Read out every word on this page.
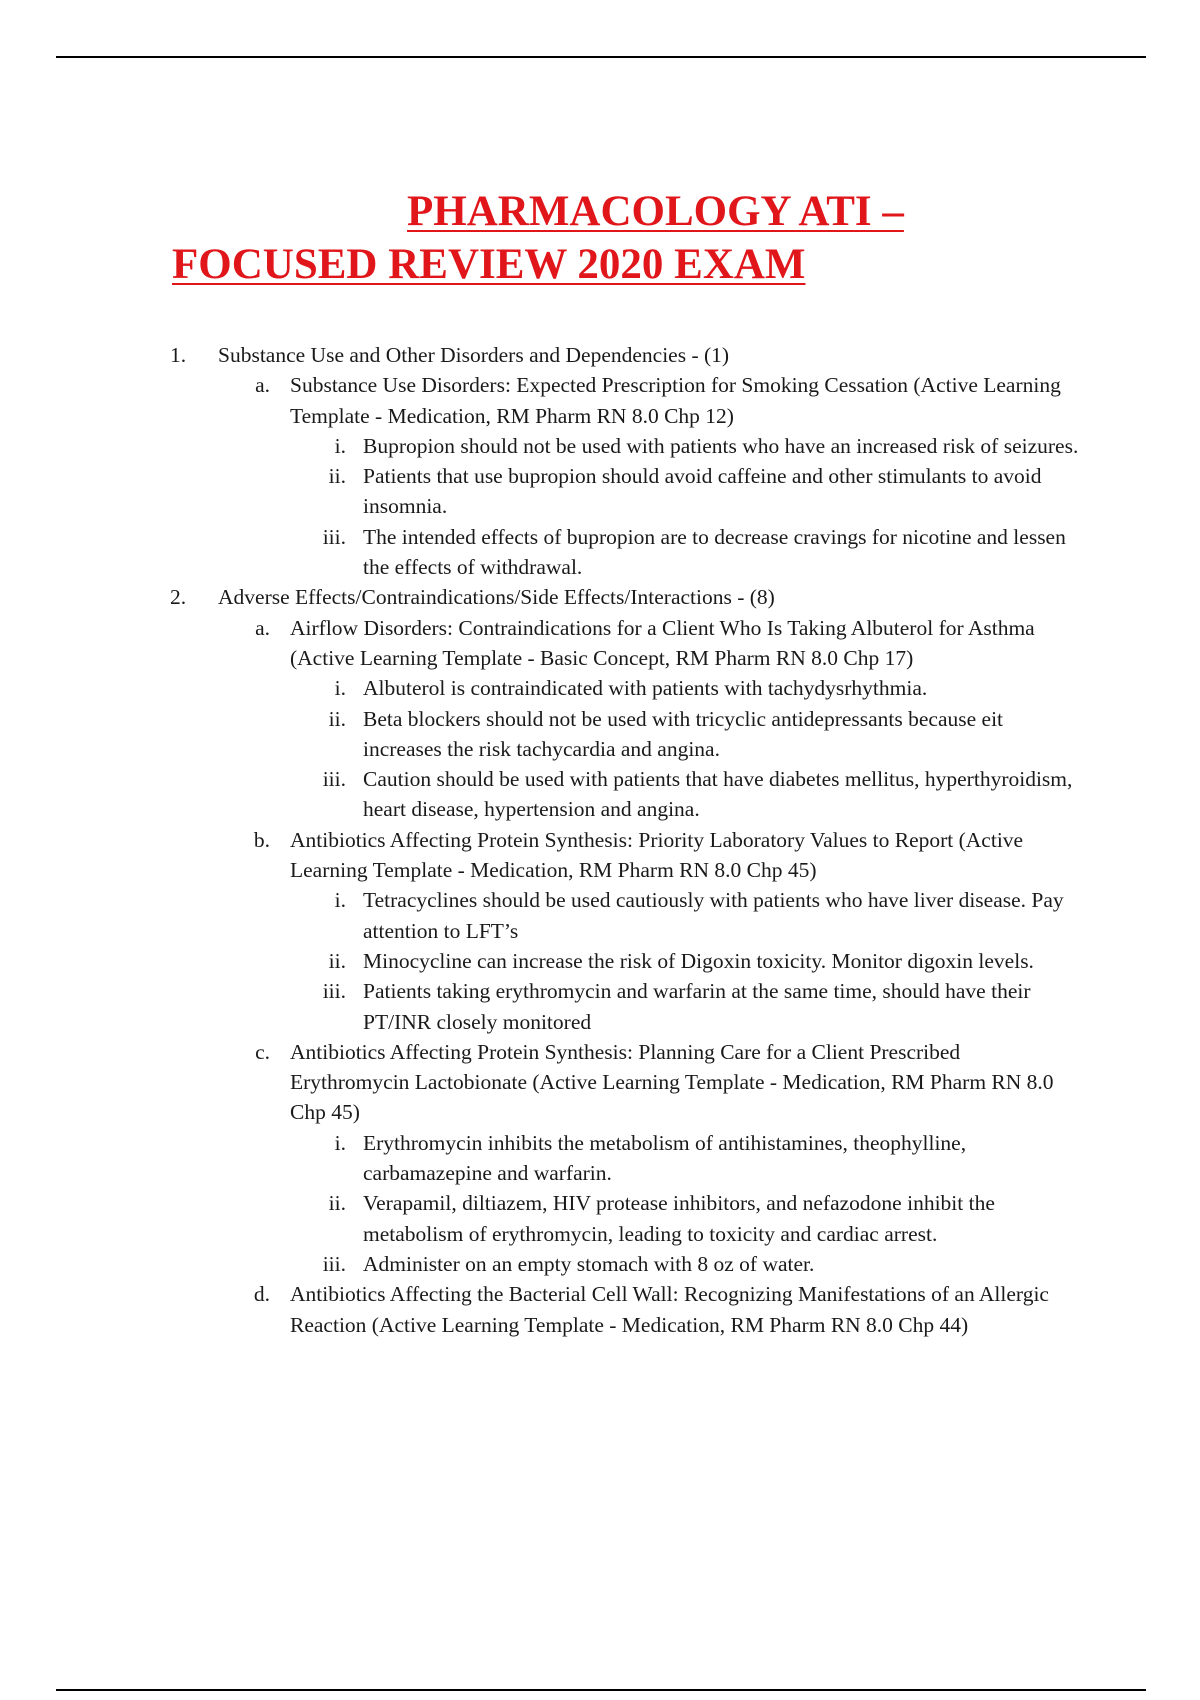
PHARMACOLOGY ATI –
FOCUSED REVIEW 2020 EXAM
1.	Substance Use and Other Disorders and Dependencies - (1)
a. Substance Use Disorders: Expected Prescription for Smoking Cessation (Active Learning Template - Medication, RM Pharm RN 8.0 Chp 12)
i. Bupropion should not be used with patients who have an increased risk of seizures.
ii. Patients that use bupropion should avoid caffeine and other stimulants to avoid insomnia.
iii. The intended effects of bupropion are to decrease cravings for nicotine and lessen the effects of withdrawal.
2.	Adverse Effects/Contraindications/Side Effects/Interactions - (8)
a. Airflow Disorders: Contraindications for a Client Who Is Taking Albuterol for Asthma (Active Learning Template - Basic Concept, RM Pharm RN 8.0 Chp 17)
i. Albuterol is contraindicated with patients with tachydysrhythmia.
ii. Beta blockers should not be used with tricyclic antidepressants because eit increases the risk tachycardia and angina.
iii. Caution should be used with patients that have diabetes mellitus, hyperthyroidism, heart disease, hypertension and angina.
b. Antibiotics Affecting Protein Synthesis: Priority Laboratory Values to Report (Active Learning Template - Medication, RM Pharm RN 8.0 Chp 45)
i. Tetracyclines should be used cautiously with patients who have liver disease. Pay attention to LFT’s
ii. Minocycline can increase the risk of Digoxin toxicity. Monitor digoxin levels.
iii. Patients taking erythromycin and warfarin at the same time, should have their PT/INR closely monitored
c. Antibiotics Affecting Protein Synthesis: Planning Care for a Client Prescribed Erythromycin Lactobionate (Active Learning Template - Medication, RM Pharm RN 8.0 Chp 45)
i. Erythromycin inhibits the metabolism of antihistamines, theophylline, carbamazepine and warfarin.
ii. Verapamil, diltiazem, HIV protease inhibitors, and nefazodone inhibit the metabolism of erythromycin, leading to toxicity and cardiac arrest.
iii. Administer on an empty stomach with 8 oz of water.
d. Antibiotics Affecting the Bacterial Cell Wall: Recognizing Manifestations of an Allergic Reaction (Active Learning Template - Medication, RM Pharm RN 8.0 Chp 44)
